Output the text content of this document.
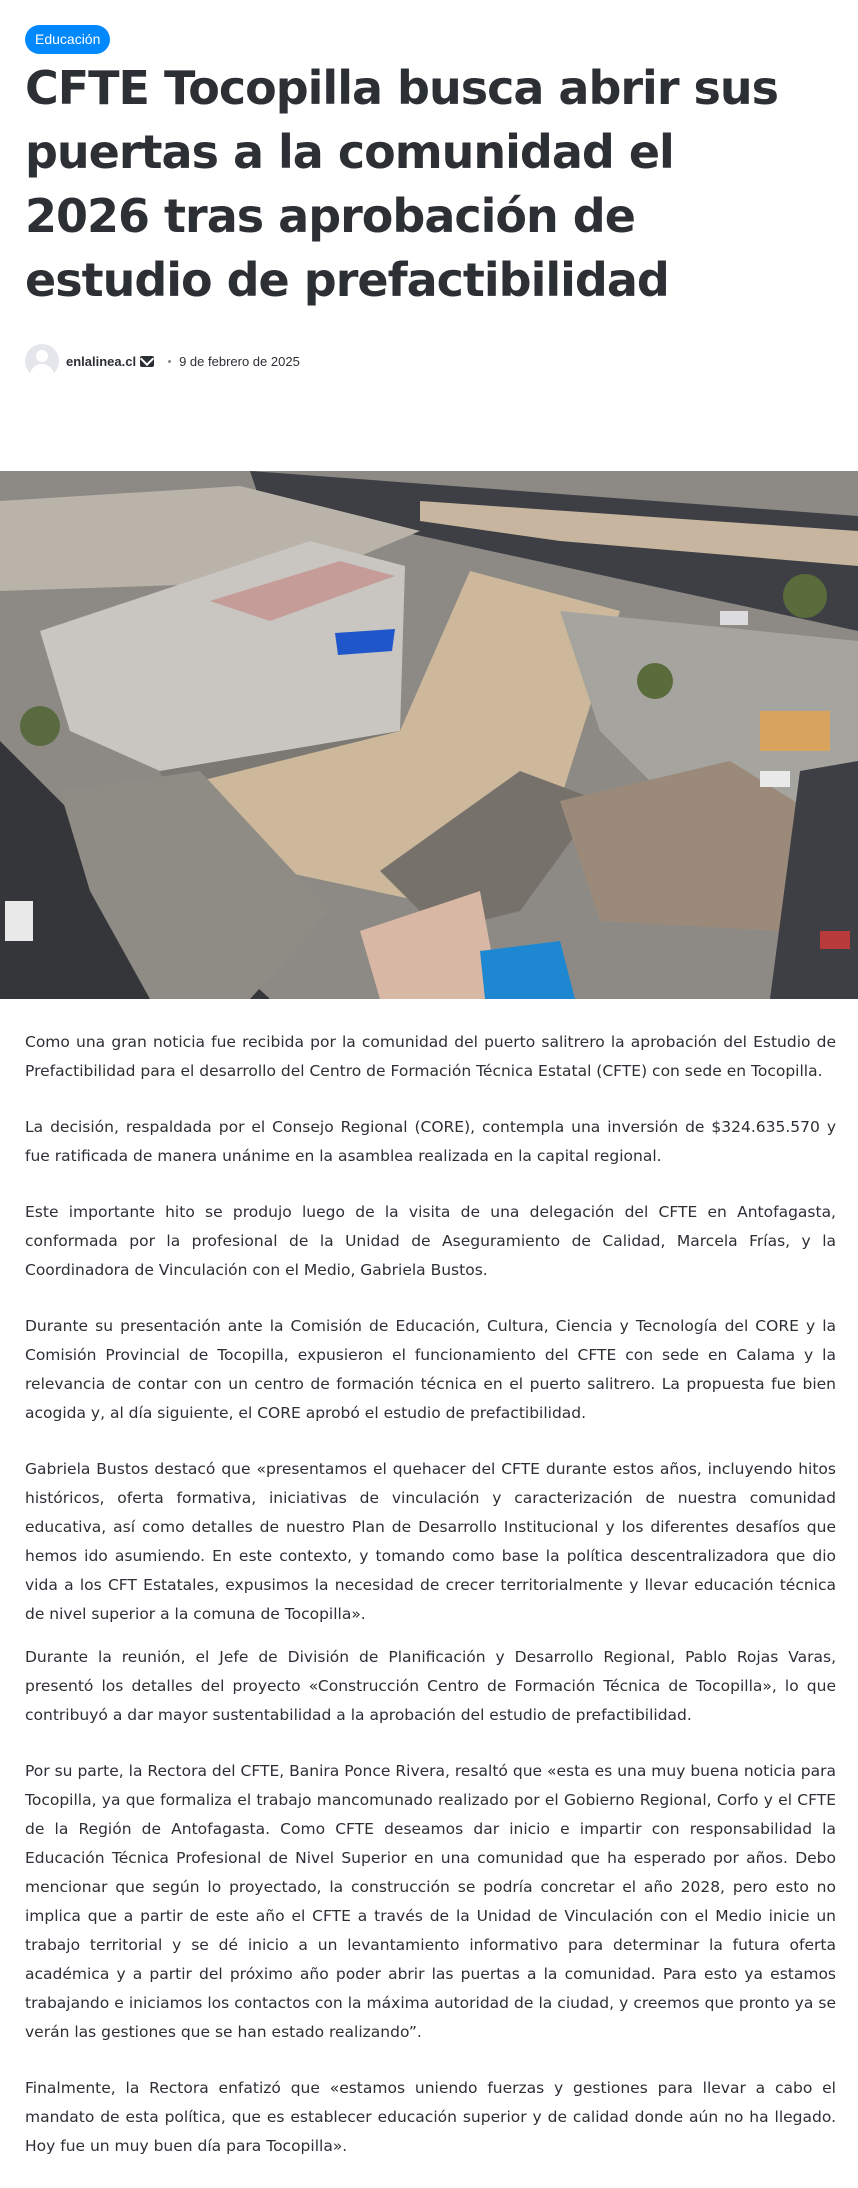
Educación
CFTE Tocopilla busca abrir sus puertas a la comunidad el 2026 tras aprobación de estudio de prefactibilidad
enlalinea.cl	9 de febrero de 2025

Como una gran noticia fue recibida por la comunidad del puerto salitrero la aprobación del Estudio de Prefactibilidad para el desarrollo del Centro de Formación Técnica Estatal (CFTE) con sede en Tocopilla.

La decisión, respaldada por el Consejo Regional (CORE), contempla una inversión de $324.635.570 y fue ratificada de manera unánime en la asamblea realizada en la capital regional.

Este importante hito se produjo luego de la visita de una delegación del CFTE en Antofagasta, conformada por la profesional de la Unidad de Aseguramiento de Calidad, Marcela Frías, y la Coordinadora de Vinculación con el Medio, Gabriela Bustos.

Durante su presentación ante la Comisión de Educación, Cultura, Ciencia y Tecnología del CORE y la Comisión Provincial de Tocopilla, expusieron el funcionamiento del CFTE con sede en Calama y la relevancia de contar con un centro de formación técnica en el puerto salitrero. La propuesta fue bien acogida y, al día siguiente, el CORE aprobó el estudio de prefactibilidad.

Gabriela Bustos destacó que «presentamos el quehacer del CFTE durante estos años, incluyendo hitos históricos, oferta formativa, iniciativas de vinculación y caracterización de nuestra comunidad educativa, así como detalles de nuestro Plan de Desarrollo Institucional y los diferentes desafíos que hemos ido asumiendo. En este contexto, y tomando como base la política descentralizadora que dio vida a los CFT Estatales, expusimos la necesidad de crecer territorialmente y llevar educación técnica de nivel superior a la comuna de Tocopilla».

Durante la reunión, el Jefe de División de Planificación y Desarrollo Regional, Pablo Rojas Varas, presentó los detalles del proyecto «Construcción Centro de Formación Técnica de Tocopilla», lo que contribuyó a dar mayor sustentabilidad a la aprobación del estudio de prefactibilidad.

Por su parte, la Rectora del CFTE, Banira Ponce Rivera, resaltó que «esta es una muy buena noticia para Tocopilla, ya que formaliza el trabajo mancomunado realizado por el Gobierno Regional, Corfo y el CFTE de la Región de Antofagasta. Como CFTE deseamos dar inicio e impartir con responsabilidad la Educación Técnica Profesional de Nivel Superior en una comunidad que ha esperado por años. Debo mencionar que según lo proyectado, la construcción se podría concretar el año 2028, pero esto no implica que a partir de este año el CFTE a través de la Unidad de Vinculación con el Medio inicie un trabajo territorial y se dé inicio a un levantamiento informativo para determinar la futura oferta académica y a partir del próximo año poder abrir las puertas a la comunidad. Para esto ya estamos trabajando e iniciamos los contactos con la máxima autoridad de la ciudad, y creemos que pronto ya se verán las gestiones que se han estado realizando”.

Finalmente, la Rectora enfatizó que «estamos uniendo fuerzas y gestiones para llevar a cabo el mandato de esta política, que es establecer educación superior y de calidad donde aún no ha llegado. Hoy fue un muy buen día para Tocopilla».
